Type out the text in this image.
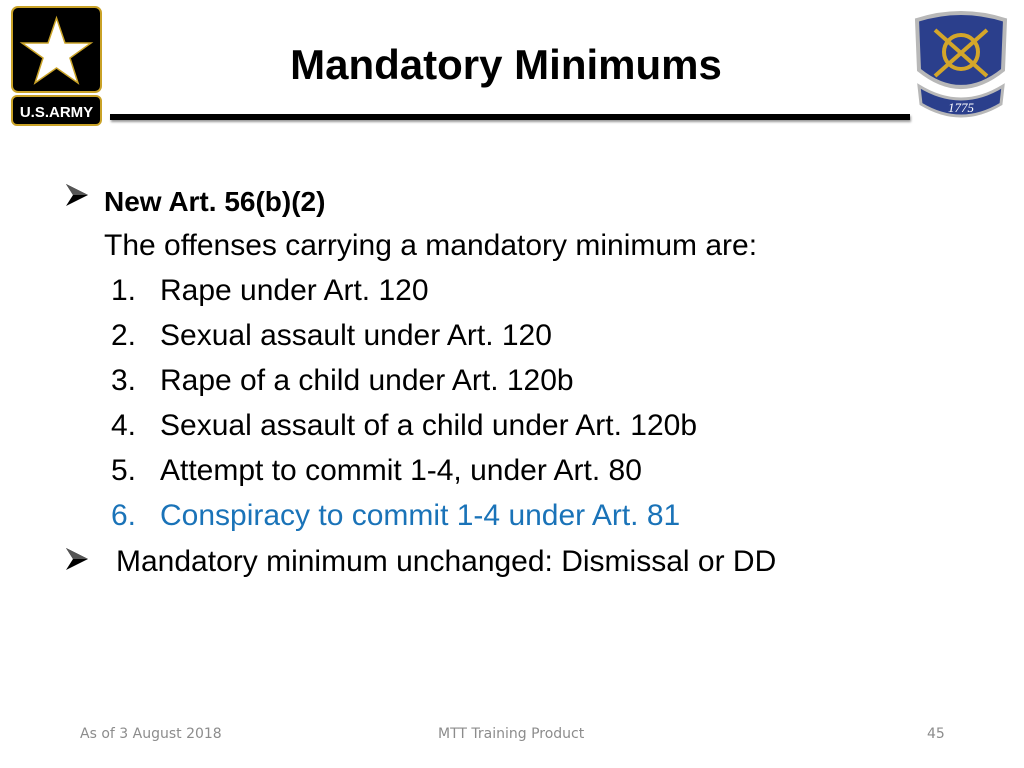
U.S.ARMY
Mandatory Minimums
1775
New Art. 56(b)(2)
The offenses carrying a mandatory minimum are:
1. Rape under Art. 120
2. Sexual assault under Art. 120
3. Rape of a child under Art. 120b
4. Sexual assault of a child under Art. 120b
5. Attempt to commit 1-4, under Art. 80
6. Conspiracy to commit 1-4 under Art. 81
Mandatory minimum unchanged: Dismissal or DD
As of 3 August 2018	MTT Training Product	45
